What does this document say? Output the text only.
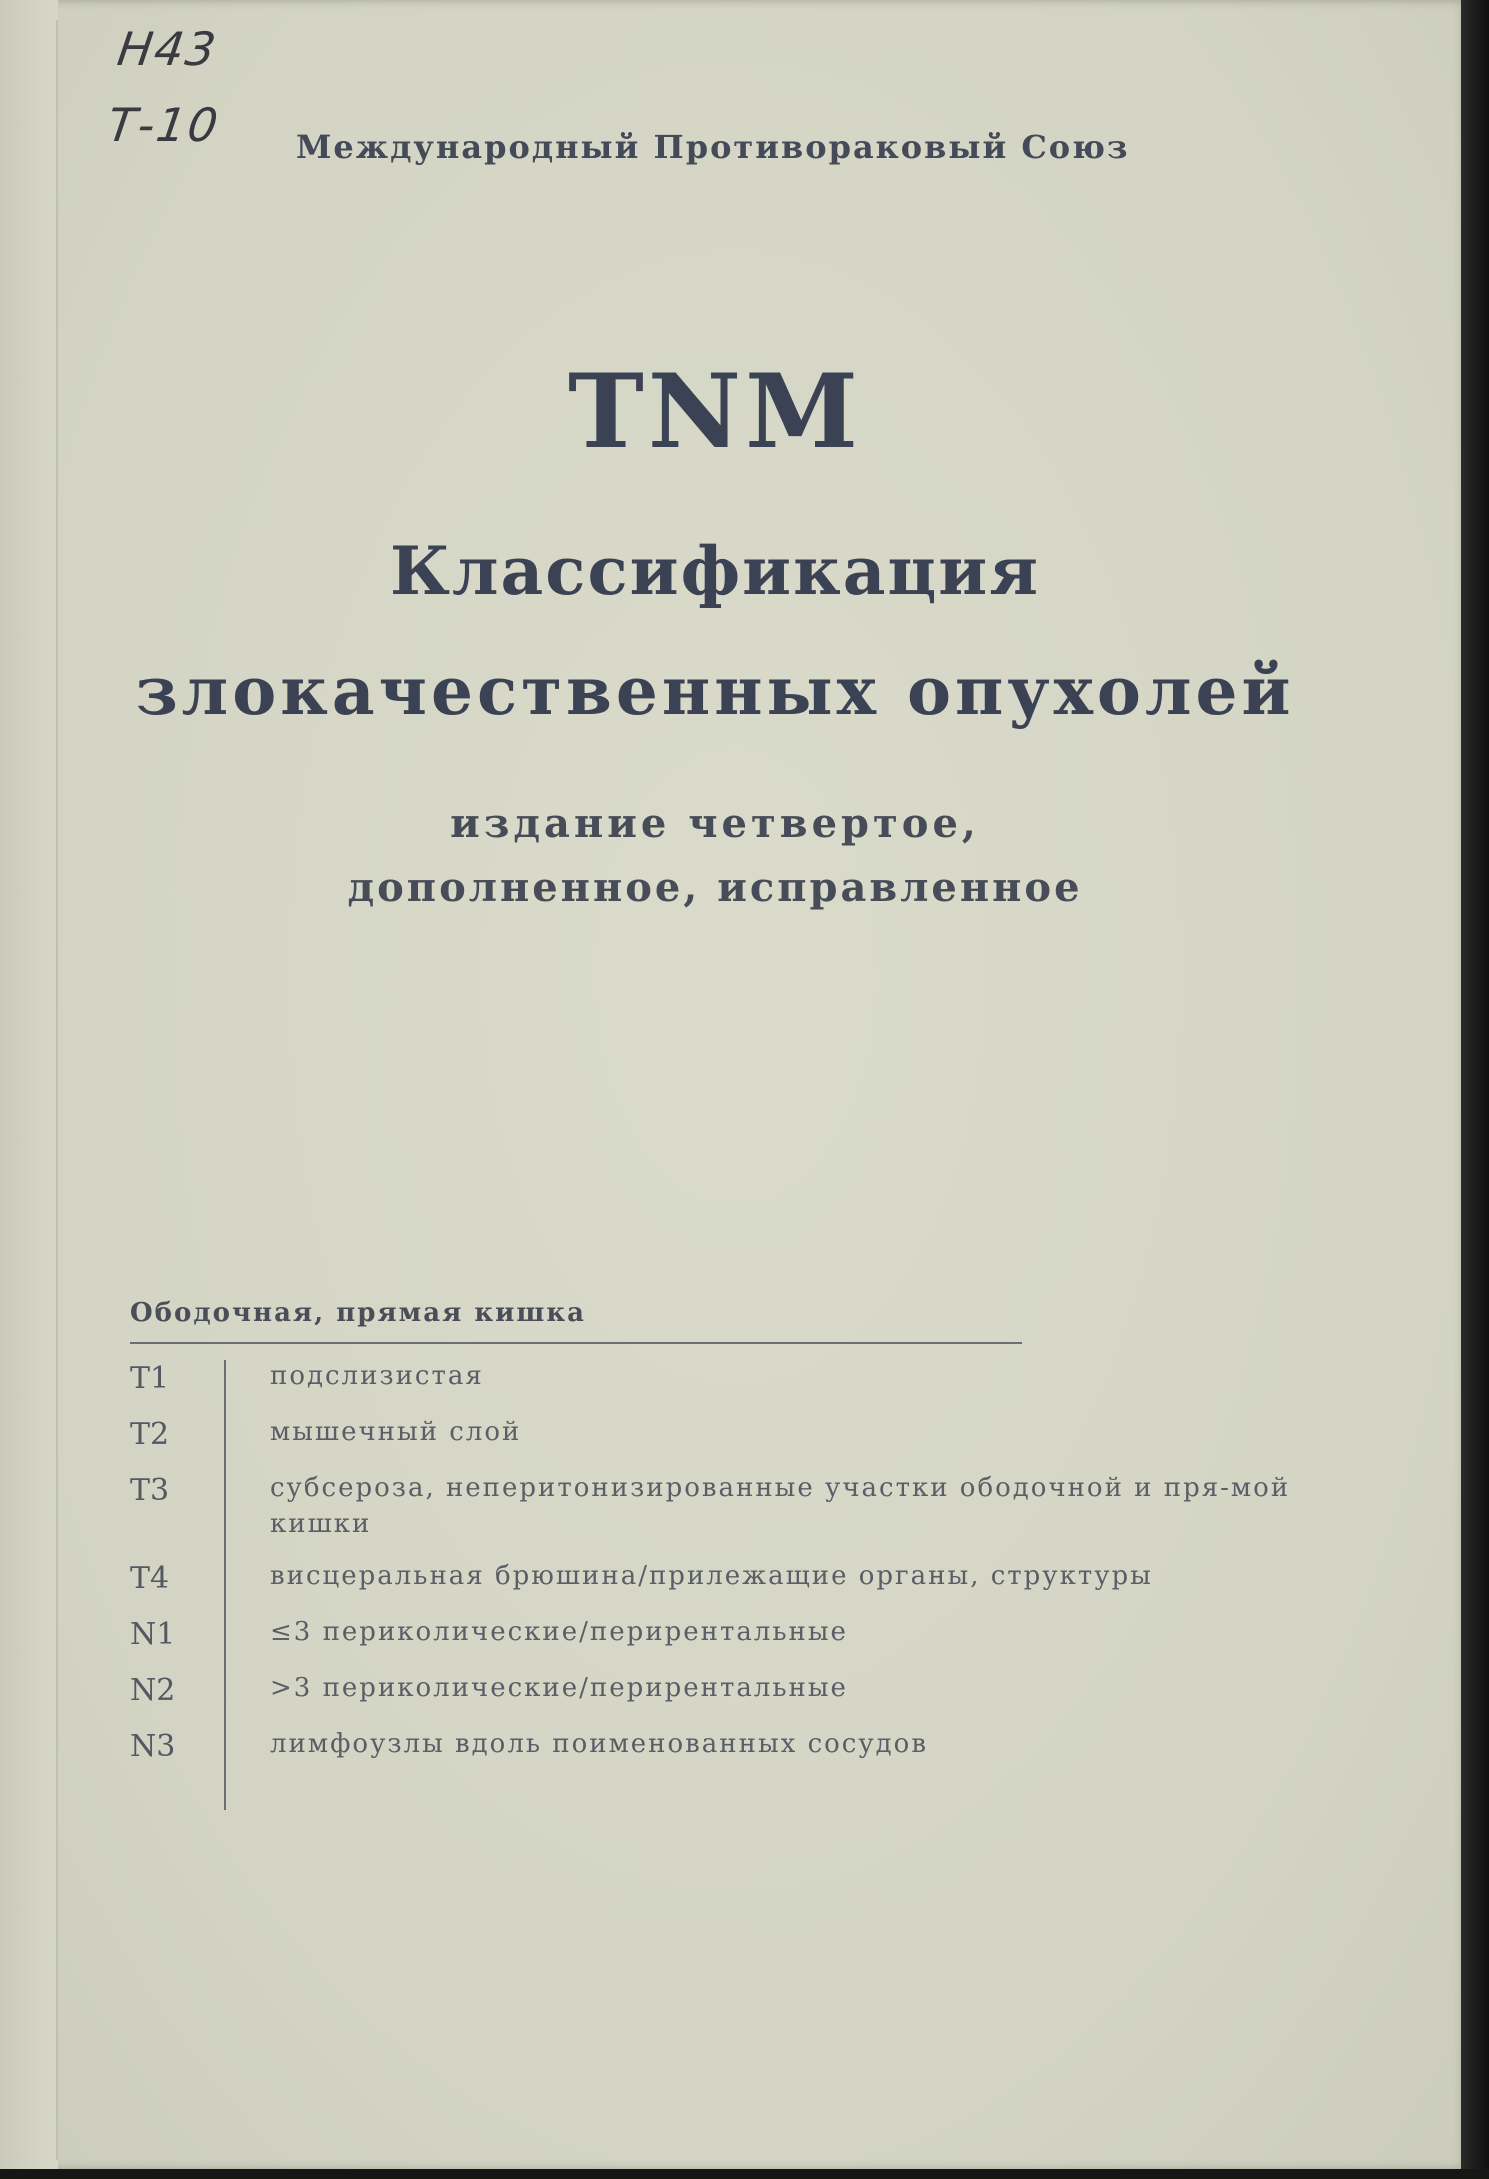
Н43
Т-10 Международный Противораковый Союз

TNM

Классификация

злокачественных опухолей

издание четвертое,

дополненное, исправленное

Ободочная, прямая кишка

T1	подслизистая
T2	мышечный слой
T3	субсероза, неперитонизированные участки ободочной и пря-мой кишки
T4	висцеральная брюшина/прилежащие органы, структуры
N1	≤3 периколические/перирентальные
N2	>3 периколические/перирентальные
N3	лимфоузлы вдоль поименованных сосудов
